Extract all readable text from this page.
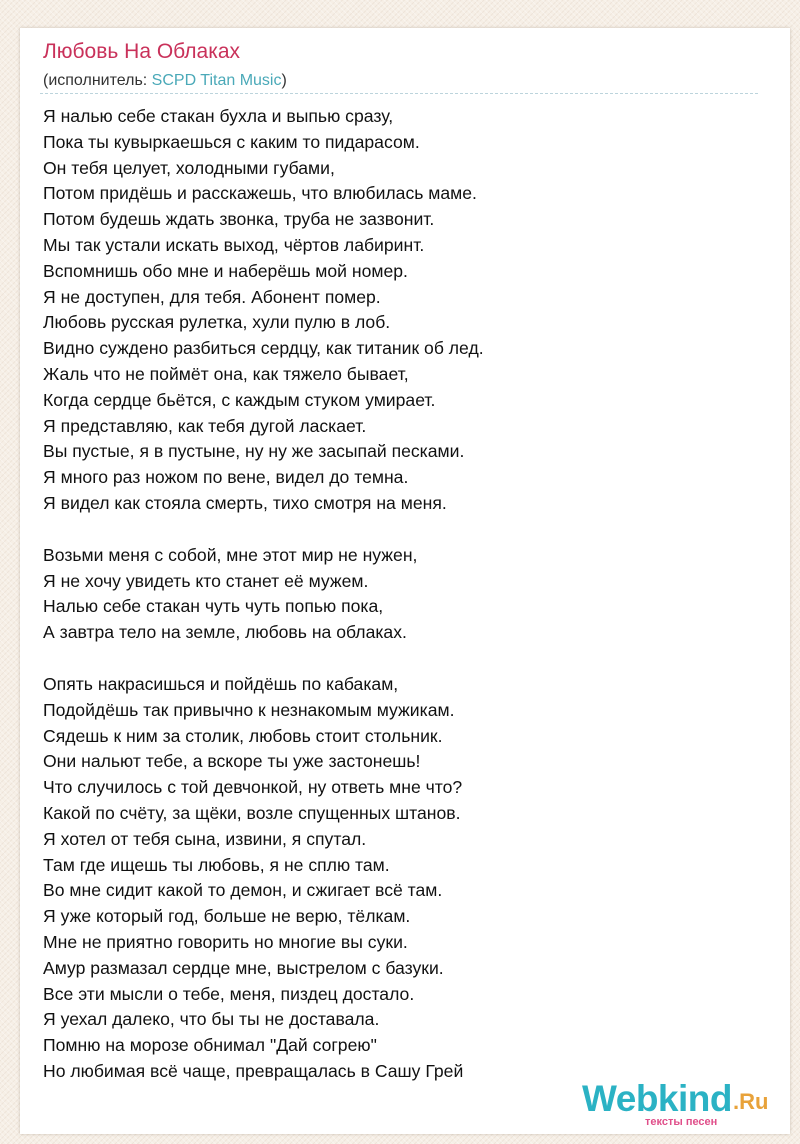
Любовь На Облаках
(исполнитель: SCPD Titan Music)
Я налью себе стакан бухла и выпью сразу,
Пока ты кувыркаешься с каким то пидарасом.
Он тебя целует, холодными губами,
Потом придёшь и расскажешь, что влюбилась маме.
Потом будешь ждать звонка, труба не зазвонит.
Мы так устали искать выход, чёртов лабиринт.
Вспомнишь обо мне и наберёшь мой номер.
Я не доступен, для тебя. Абонент помер.
Любовь русская рулетка, хули пулю в лоб.
Видно суждено разбиться сердцу, как титаник об лед.
Жаль что не поймёт она, как тяжело бывает,
Когда сердце бьётся, с каждым стуком умирает.
Я представляю, как тебя дугой ласкает.
Вы пустые, я в пустыне, ну ну же засыпай песками.
Я много раз ножом по вене, видел до темна.
Я видел как стояла смерть, тихо смотря на меня.
Возьми меня с собой, мне этот мир не нужен,
Я не хочу увидеть кто станет её мужем.
Налью себе стакан чуть чуть попью пока,
А завтра тело на земле, любовь на облаках.
Опять накрасишься и пойдёшь по кабакам,
Подойдёшь так привычно к незнакомым мужикам.
Сядешь к ним за столик, любовь стоит стольник.
Они нальют тебе, а вскоре ты уже застонешь!
Что случилось с той девчонкой, ну ответь мне что?
Какой по счёту, за щёки, возле спущенных штанов.
Я хотел от тебя сына, извини, я спутал.
Там где ищешь ты любовь, я не сплю там.
Во мне сидит какой то демон, и сжигает всё там.
Я уже который год, больше не верю, тёлкам.
Мне не приятно говорить но многие вы суки.
Амур размазал сердце мне, выстрелом с базуки.
Все эти мысли о тебе, меня, пиздец достало.
Я уехал далеко, что бы ты не доставала.
Помню на морозе обнимал "Дай согрею"
Но любимая всё чаще, превращалась в Сашу Грей
Webkind .Ru
тексты песен
